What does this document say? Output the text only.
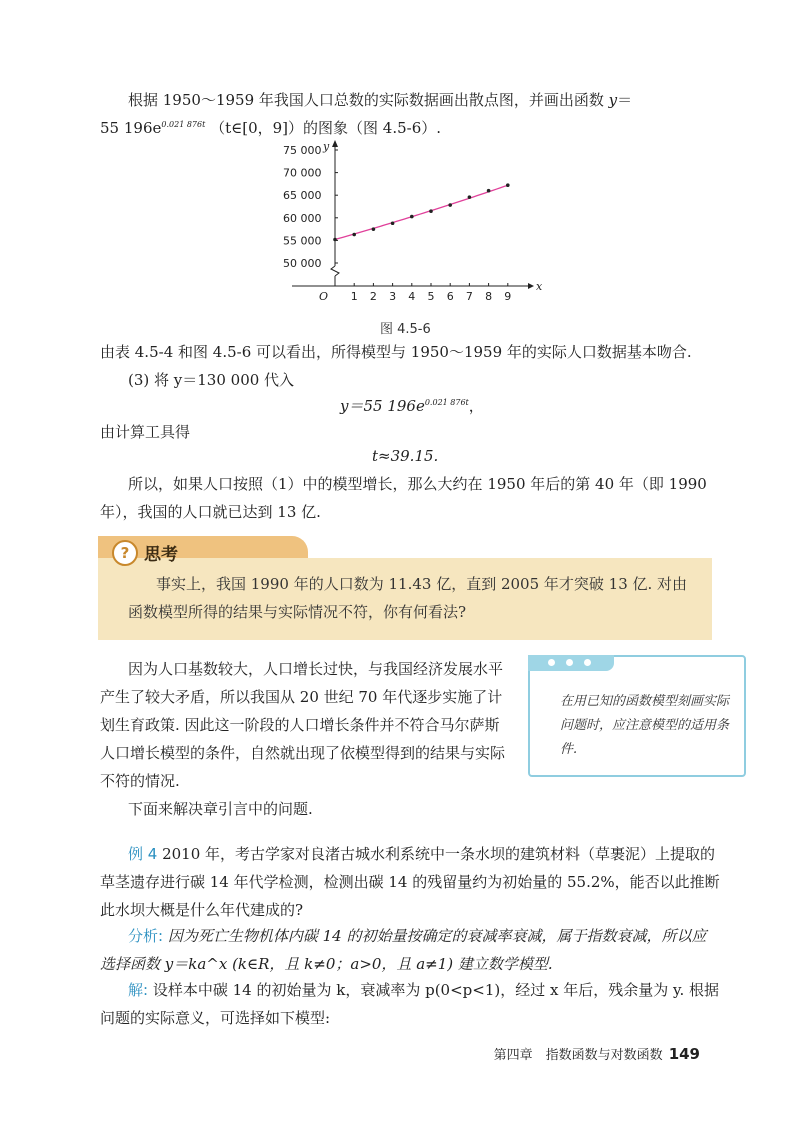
根据 1950～1959 年我国人口总数的实际数据画出散点图，并画出函数 y＝
55 $196e^{0.021 876t}$ （t∈[0，9]）的图象（图 4.5-6）.
x
y
O 1 2 3 4 5 6 7 8 9
50 000
55 000
60 000
65 000
70 000
75 000
图 4.5-6
由表 4.5-4 和图 4.5-6 可以看出，所得模型与 1950～1959 年的实际人口数据基本吻合.
(3) 将 y＝130 000 代入
y＝55 $196e^{0.021 876t}$，
由计算工具得
t≈39.15.
所以，如果人口按照（1）中的模型增长，那么大约在 1950 年后的第 40 年（即 1990 年），我国的人口就已达到 13 亿.
? 思考
事实上，我国 1990 年的人口数为 11.43 亿，直到 2005 年才突破 13 亿. 对由函数模型所得的结果与实际情况不符，你有何看法?
因为人口基数较大，人口增长过快，与我国经济发展水平产生了较大矛盾，所以我国从 20 世纪 70 年代逐步实施了计划生育政策. 因此这一阶段的人口增长条件并不符合马尔萨斯人口增长模型的条件，自然就出现了依模型得到的结果与实际不符的情况.
下面来解决章引言中的问题.
在用已知的函数模型刻画实际问题时，应注意模型的适用条件.
例 4 2010 年，考古学家对良渚古城水利系统中一条水坝的建筑材料（草裹泥）上提取的草茎遗存进行碳 14 年代学检测，检测出碳 14 的残留量约为初始量的 55.2%，能否以此推断此水坝大概是什么年代建成的?
分析: 因为死亡生物机体内碳 14 的初始量按确定的衰减率衰减，属于指数衰减，所以应选择函数 y＝ka^x (k∈R，且 k≠0；a>0，且 a≠1) 建立数学模型.
解: 设样本中碳 14 的初始量为 k，衰减率为 p(0<p<1)，经过 x 年后，残余量为 y. 根据问题的实际意义，可选择如下模型:
第四章　指数函数与对数函数 149
